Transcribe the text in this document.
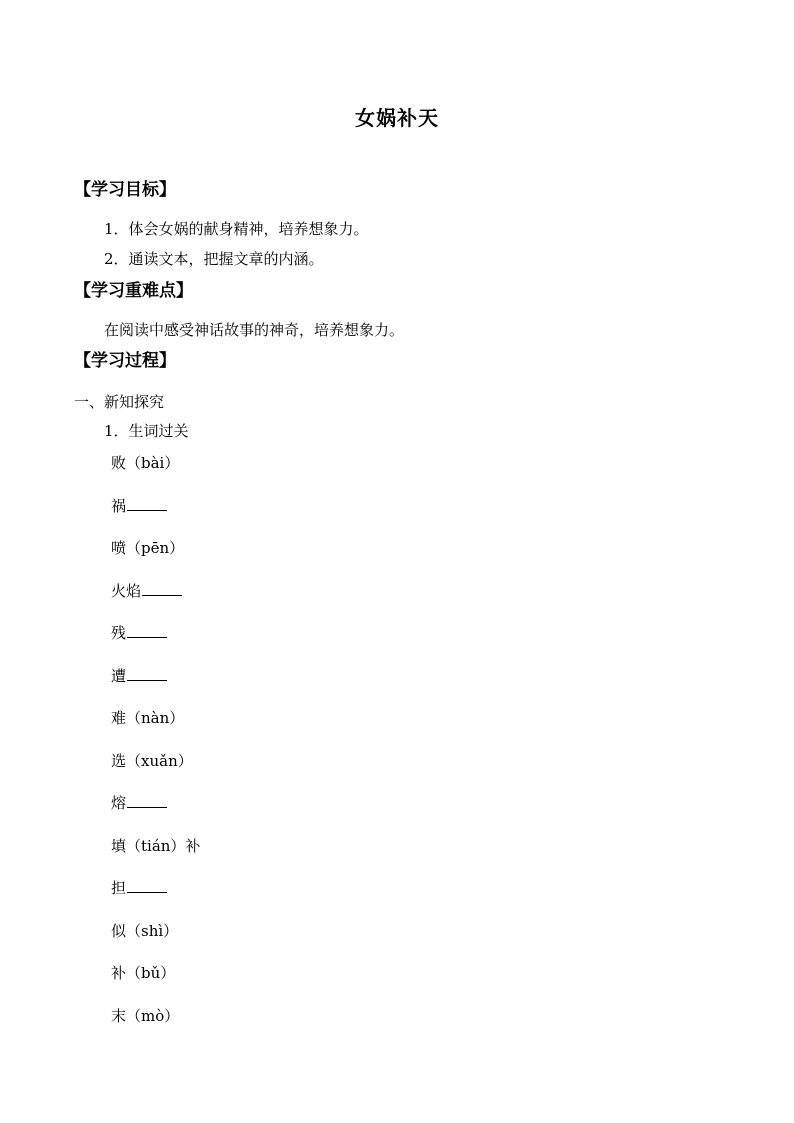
女娲补天
【学习目标】
1．体会女娲的献身精神，培养想象力。
2．通读文本，把握文章的内涵。
【学习重难点】
在阅读中感受神话故事的神奇，培养想象力。
【学习过程】
一、新知探究
1．生词过关
败（bài）
祸
喷（pēn）
火焰
残
遭
难（nàn）
选（xuǎn）
熔
填（tián）补
担
似（shì）
补（bǔ）
末（mò）
